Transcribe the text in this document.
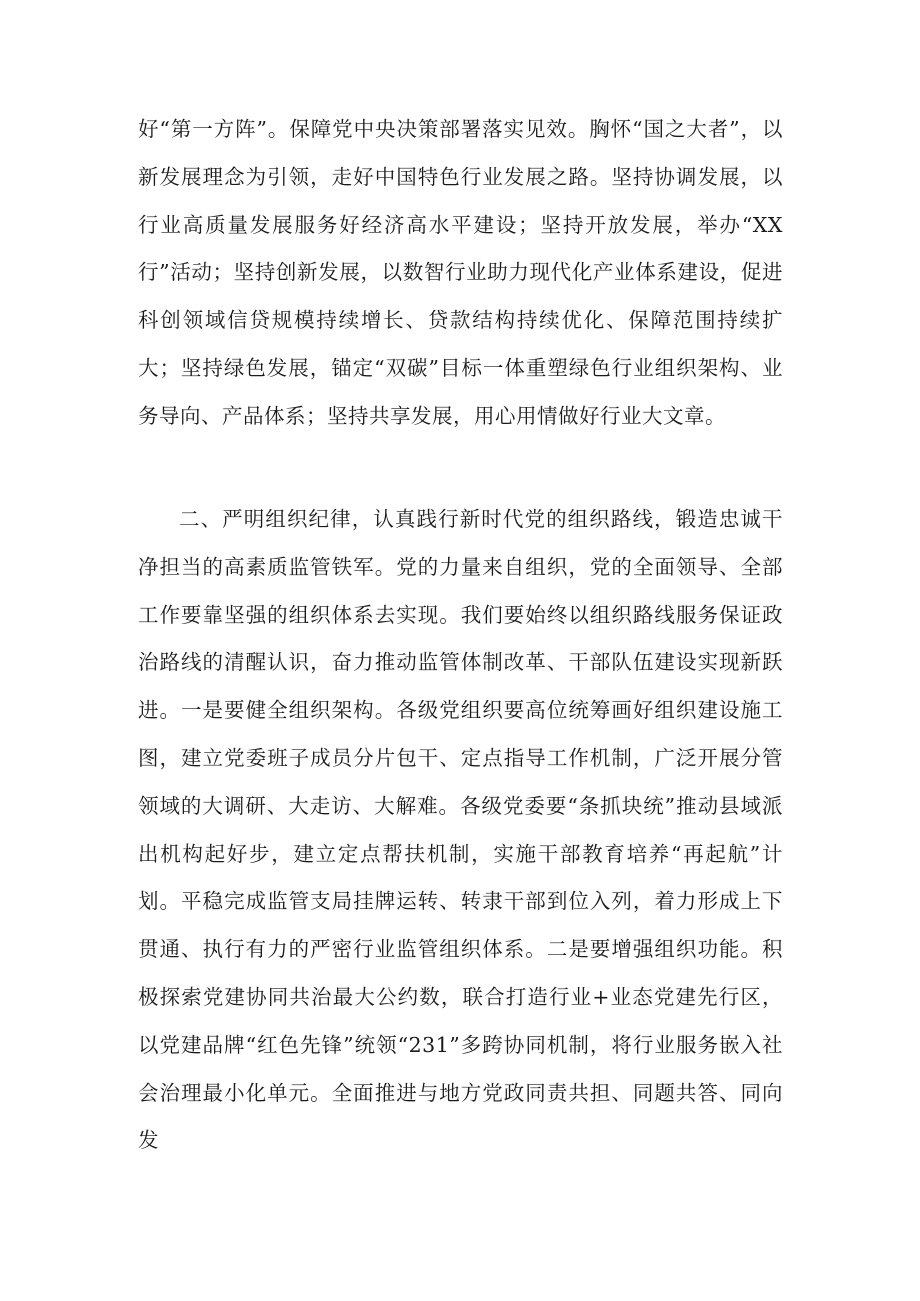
好“第一方阵”。保障党中央决策部署落实见效。胸怀“国之大者”，以新发展理念为引领，走好中国特色行业发展之路。坚持协调发展，以行业高质量发展服务好经济高水平建设；坚持开放发展，举办“XX行”活动；坚持创新发展，以数智行业助力现代化产业体系建设，促进科创领域信贷规模持续增长、贷款结构持续优化、保障范围持续扩大；坚持绿色发展，锚定“双碳”目标一体重塑绿色行业组织架构、业务导向、产品体系；坚持共享发展，用心用情做好行业大文章。

二、严明组织纪律，认真践行新时代党的组织路线，锻造忠诚干净担当的高素质监管铁军。党的力量来自组织，党的全面领导、全部工作要靠坚强的组织体系去实现。我们要始终以组织路线服务保证政治路线的清醒认识，奋力推动监管体制改革、干部队伍建设实现新跃进。一是要健全组织架构。各级党组织要高位统筹画好组织建设施工图，建立党委班子成员分片包干、定点指导工作机制，广泛开展分管领域的大调研、大走访、大解难。各级党委要“条抓块统”推动县域派出机构起好步，建立定点帮扶机制，实施干部教育培养“再起航”计划。平稳完成监管支局挂牌运转、转隶干部到位入列，着力形成上下贯通、执行有力的严密行业监管组织体系。二是要增强组织功能。积极探索党建协同共治最大公约数，联合打造行业+业态党建先行区，以党建品牌“红色先锋”统领“231”多跨协同机制，将行业服务嵌入社会治理最小化单元。全面推进与地方党政同责共担、同题共答、同向发
